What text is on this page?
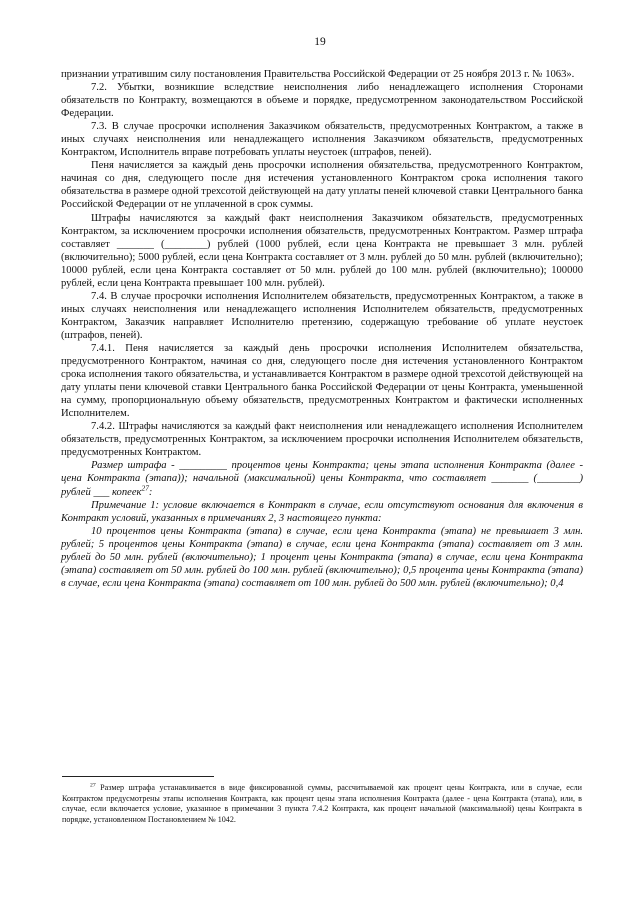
19

признании утратившим силу постановления Правительства Российской Федерации от 25 ноября 2013 г. № 1063».

7.2. Убытки, возникшие вследствие неисполнения либо ненадлежащего исполнения Сторонами обязательств по Контракту, возмещаются в объеме и порядке, предусмотренном законодательством Российской Федерации.

7.3. В случае просрочки исполнения Заказчиком обязательств, предусмотренных Контрактом, а также в иных случаях неисполнения или ненадлежащего исполнения Заказчиком обязательств, предусмотренных Контрактом, Исполнитель вправе потребовать уплаты неустоек (штрафов, пеней).

Пеня начисляется за каждый день просрочки исполнения обязательства, предусмотренного Контрактом, начиная со дня, следующего после дня истечения установленного Контрактом срока исполнения такого обязательства в размере одной трехсотой действующей на дату уплаты пеней ключевой ставки Центрального банка Российской Федерации от не уплаченной в срок суммы.

Штрафы начисляются за каждый факт неисполнения Заказчиком обязательств, предусмотренных Контрактом, за исключением просрочки исполнения обязательств, предусмотренных Контрактом. Размер штрафа составляет _______ (________) рублей (1000 рублей, если цена Контракта не превышает 3 млн. рублей (включительно); 5000 рублей, если цена Контракта составляет от 3 млн. рублей до 50 млн. рублей (включительно); 10000 рублей, если цена Контракта составляет от 50 млн. рублей до 100 млн. рублей (включительно); 100000 рублей, если цена Контракта превышает 100 млн. рублей).

7.4. В случае просрочки исполнения Исполнителем обязательств, предусмотренных Контрактом, а также в иных случаях неисполнения или ненадлежащего исполнения Исполнителем обязательств, предусмотренных Контрактом, Заказчик направляет Исполнителю претензию, содержащую требование об уплате неустоек (штрафов, пеней).

7.4.1. Пеня начисляется за каждый день просрочки исполнения Исполнителем обязательства, предусмотренного Контрактом, начиная со дня, следующего после дня истечения установленного Контрактом срока исполнения такого обязательства, и устанавливается Контрактом в размере одной трехсотой действующей на дату уплаты пени ключевой ставки Центрального банка Российской Федерации от цены Контракта, уменьшенной на сумму, пропорциональную объему обязательств, предусмотренных Контрактом и фактически исполненных Исполнителем.

7.4.2. Штрафы начисляются за каждый факт неисполнения или ненадлежащего исполнения Исполнителем обязательств, предусмотренных Контрактом, за исключением просрочки исполнения Исполнителем обязательств, предусмотренных Контрактом.

Размер штрафа - _________ процентов цены Контракта; цены этапа исполнения Контракта (далее - цена Контракта (этапа)); начальной (максимальной) цены Контракта, что составляет _______ (________) рублей ___ копеек$^{27}$:

Примечание 1: условие включается в Контракт в случае, если отсутствуют основания для включения в Контракт условий, указанных в примечаниях 2, 3 настоящего пункта:

10 процентов цены Контракта (этапа) в случае, если цена Контракта (этапа) не превышает 3 млн. рублей; 5 процентов цены Контракта (этапа) в случае, если цена Контракта (этапа) составляет от 3 млн. рублей до 50 млн. рублей (включительно); 1 процент цены Контракта (этапа) в случае, если цена Контракта (этапа) составляет от 50 млн. рублей до 100 млн. рублей (включительно); 0,5 процента цены Контракта (этапа) в случае, если цена Контракта (этапа) составляет от 100 млн. рублей до 500 млн. рублей (включительно); 0,4

$^{27}$ Размер штрафа устанавливается в виде фиксированной суммы, рассчитываемой как процент цены Контракта, или в случае, если Контрактом предусмотрены этапы исполнения Контракта, как процент цены этапа исполнения Контракта (далее - цена Контракта (этапа), или, в случае, если включается условие, указанное в примечании 3 пункта 7.4.2 Контракта, как процент начальной (максимальной) цены Контракта в порядке, установленном Постановлением № 1042.
